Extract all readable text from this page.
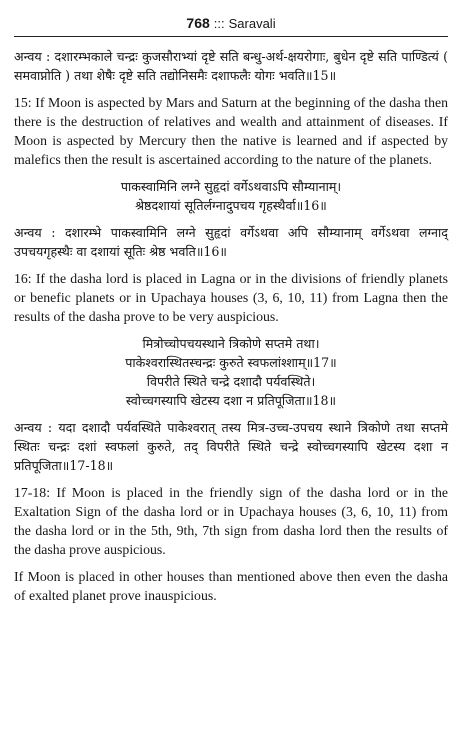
768 ::: Saravali
अन्वय : दशारम्भकाले चन्द्रः कुजसौराभ्यां दृष्टे सति बन्धु-अर्थ-क्षयरोगाः, बुधेन दृष्टे सति पाण्डित्यं ( समवाप्नोति ) तथा शेषैः दृष्टे सति तद्योनिसमैः दशाफलैः योगः भवति॥15॥
15: If Moon is aspected by Mars and Saturn at the beginning of the dasha then there is the destruction of relatives and wealth and attainment of diseases. If Moon is aspected by Mercury then the native is learned and if aspected by malefics then the result is ascertained according to the nature of the planets.
पाकस्वामिनि लग्ने सुहृदां वर्गेऽथवाऽपि सौम्यानाम्।
श्रेष्ठदशायां सूतिर्लग्नादुपचय गृहस्थैर्वा॥16॥
अन्वय : दशारम्भे पाकस्वामिनि लग्ने सुहृदां वर्गेऽथवा अपि सौम्यानाम् वर्गेऽथवा लग्नाद् उपचयगृहस्थैः वा दशायां सूतिः श्रेष्ठ भवति॥16॥
16: If the dasha lord is placed in Lagna or in the divisions of friendly planets or benefic planets or in Upachaya houses (3, 6, 10, 11) from Lagna then the results of the dasha prove to be very auspicious.
मित्रोच्चोपचयस्थाने त्रिकोणे सप्तमे तथा।
पाकेश्वरास्थितस्चन्द्रः कुरुते स्वफलांश्शाम्॥17॥
विपरीते स्थिते चन्द्रे दशादौ पर्यवस्थिते।
स्वोच्चगस्यापि खेटस्य दशा न प्रतिपूजिता॥18॥
अन्वय : यदा दशादौ पर्यवस्थिते पाकेश्वरात् तस्य मित्र-उच्च-उपचय स्थाने त्रिकोणे तथा सप्तमे स्थितः चन्द्रः दशां स्वफलां कुरुते, तद् विपरीते स्थिते चन्द्रे स्वोच्चगस्यापि खेटस्य दशा न प्रतिपूजिता॥17-18॥
17-18: If Moon is placed in the friendly sign of the dasha lord or in the Exaltation Sign of the dasha lord or in Upachaya houses (3, 6, 10, 11) from the dasha lord or in the 5th, 9th, 7th sign from dasha lord then the results of the dasha prove auspicious.
If Moon is placed in other houses than mentioned above then even the dasha of exalted planet prove inauspicious.
